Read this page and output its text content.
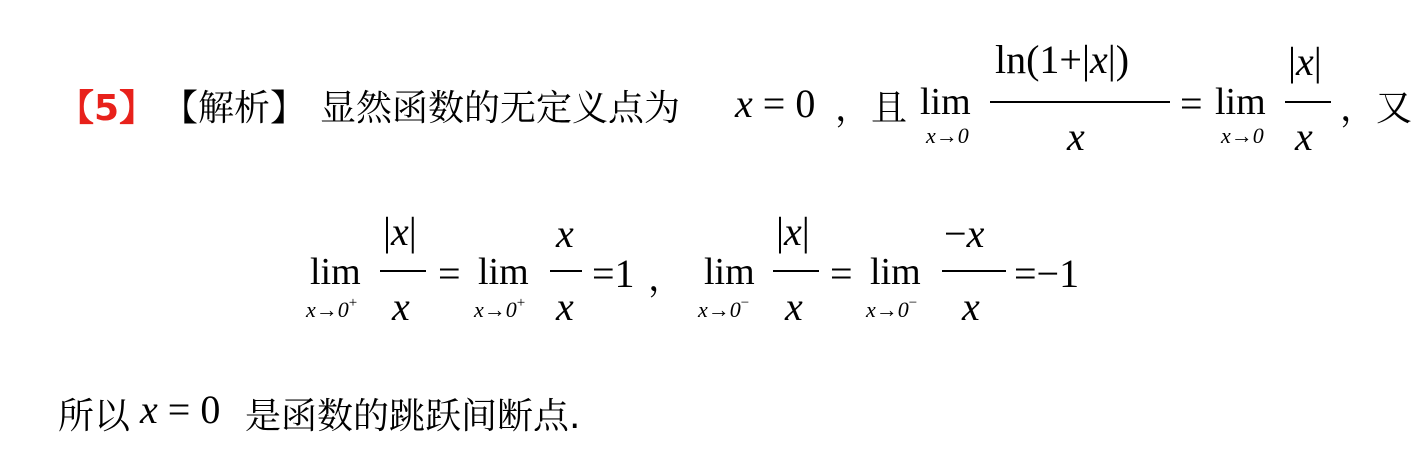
【5】 【解析】 显然函数的无定义点为 x = 0 ，且 lim
x→0
ln(1+|x|)
x
= lim
x→0
|x|
x
，又
lim
x→0+
|x|
x
= lim
x→0+
x
x
=1 ， lim
x→0−
|x|
x
= lim
x→0−
−x
x
=−1
所以 x = 0 是函数的跳跃间断点.
